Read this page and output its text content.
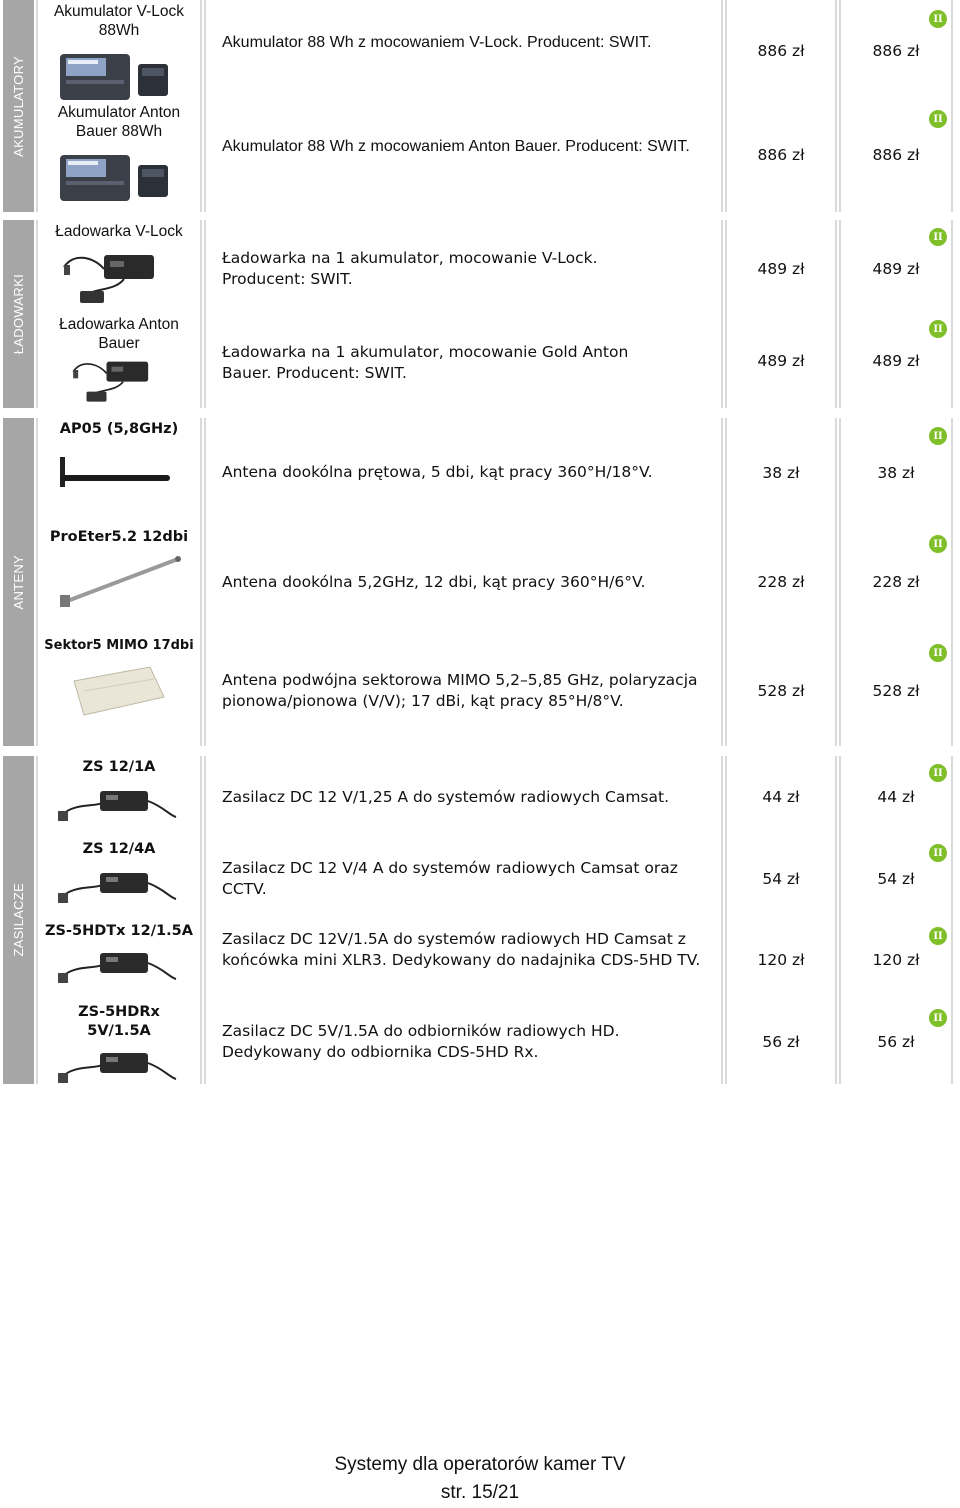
AKUMULATORY
Akumulator V-Lock 88Wh
Akumulator Anton Bauer 88Wh
Akumulator 88 Wh z mocowaniem V-Lock. Producent: SWIT.
Akumulator 88 Wh z mocowaniem Anton Bauer. Producent: SWIT.
886 zł
886 zł
886 zł
886 zł
II
II
ŁADOWARKI
Ładowarka V-Lock
Ładowarka Anton Bauer
Ładowarka na 1 akumulator, mocowanie V-Lock. Producent: SWIT.
Ładowarka na 1 akumulator, mocowanie Gold Anton Bauer. Producent: SWIT.
489 zł
489 zł
489 zł
489 zł
II
II
ANTENY
AP05 (5,8GHz)
ProEter5.2 12dbi
Sektor5 MIMO 17dbi
Antena dookólna prętowa, 5 dbi, kąt pracy 360°H/18°V.
Antena dookólna 5,2GHz, 12 dbi, kąt pracy 360°H/6°V.
Antena podwójna sektorowa MIMO 5,2–5,85 GHz, polaryzacja pionowa/pionowa (V/V); 17 dBi, kąt pracy 85°H/8°V.
38 zł
228 zł
528 zł
38 zł
228 zł
528 zł
II
II
II
ZASILACZE
ZS 12/1A
ZS 12/4A
ZS-5HDTx 12/1.5A
ZS-5HDRx 5V/1.5A
Zasilacz DC 12 V/1,25 A do systemów radiowych Camsat.
Zasilacz DC 12 V/4 A do systemów radiowych Camsat oraz CCTV.
Zasilacz DC 12V/1.5A do systemów radiowych HD Camsat z końcówka mini XLR3. Dedykowany do nadajnika CDS-5HD TV.
Zasilacz DC 5V/1.5A do odbiorników radiowych HD. Dedykowany do odbiornika CDS-5HD Rx.
44 zł
54 zł
120 zł
56 zł
44 zł
54 zł
120 zł
56 zł
II
II
II
II
Systemy dla operatorów kamer TV
str. 15/21
